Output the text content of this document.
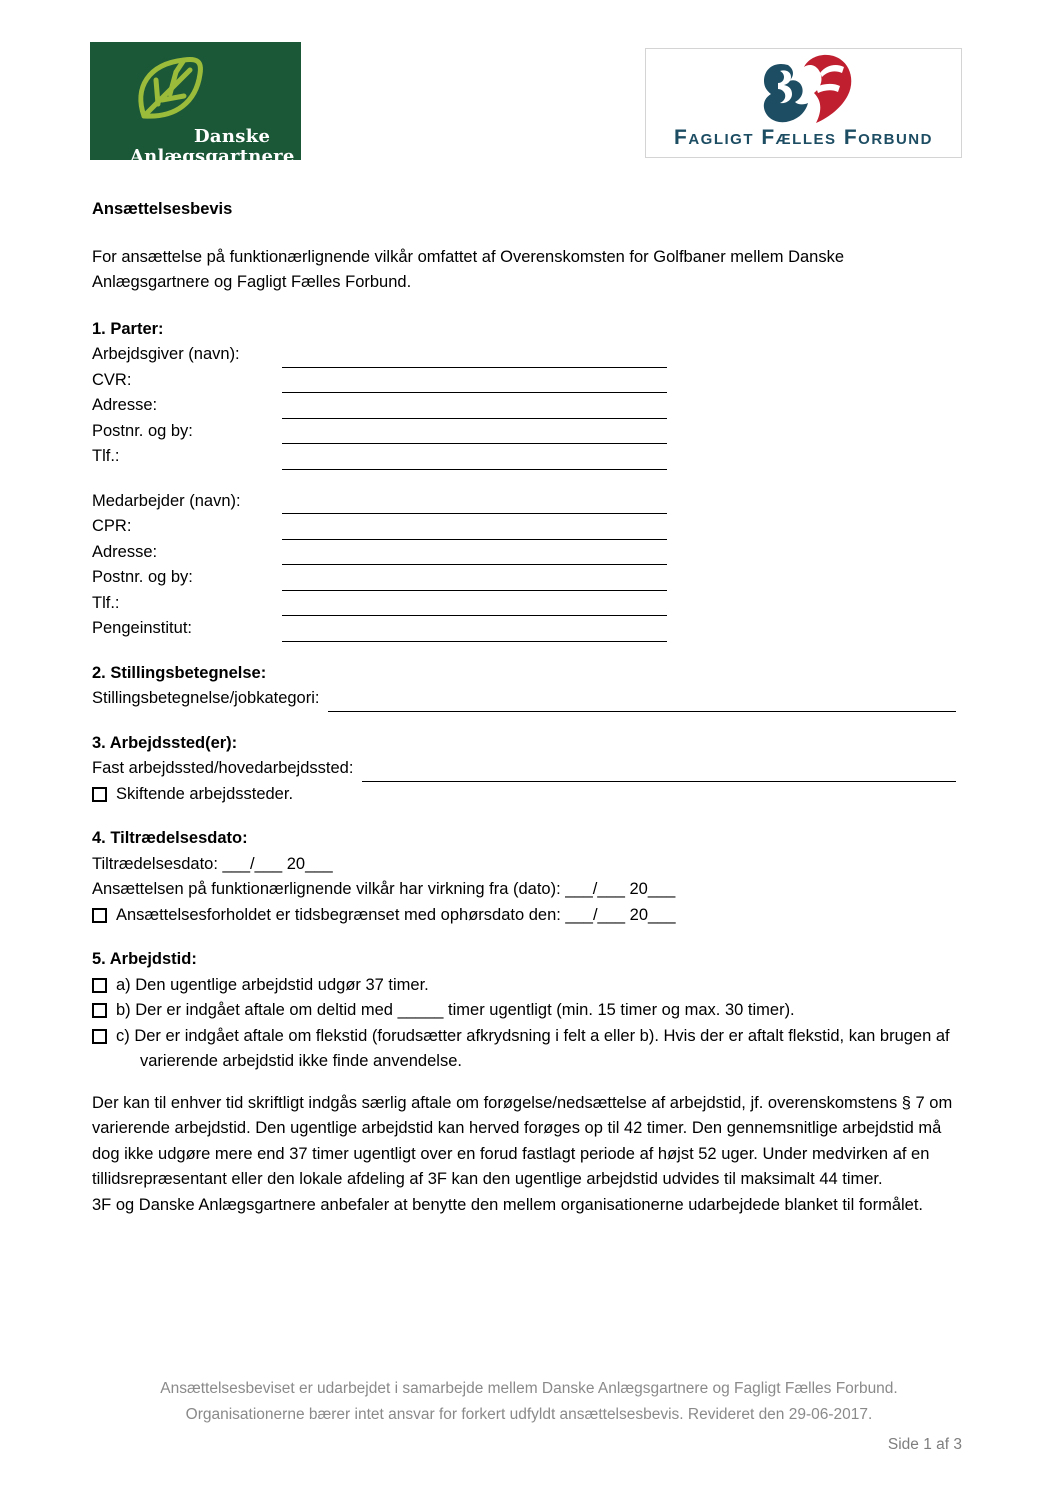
Danske
Anlægsgartnere
Fagligt Fælles Forbund
Ansættelsesbevis

For ansættelse på funktionærlignende vilkår omfattet af Overenskomsten for Golfbaner mellem Danske Anlægsgartnere og Fagligt Fælles Forbund.

1. Parter:
Arbejdsgiver (navn):
CVR:
Adresse:
Postnr. og by:
Tlf.:
Medarbejder (navn):
CPR:
Adresse:
Postnr. og by:
Tlf.:
Pengeinstitut:
2. Stillingsbetegnelse:
Stillingsbetegnelse/jobkategori:
3. Arbejdssted(er):
Fast arbejdssted/hovedarbejdssted:
Skiftende arbejdssteder.
4. Tiltrædelsesdato:
Tiltrædelsesdato: ___/___ 20___
Ansættelsen på funktionærlignende vilkår har virkning fra (dato): ___/___ 20___
Ansættelsesforholdet er tidsbegrænset med ophørsdato den: ___/___ 20___
5. Arbejdstid:
a) Den ugentlige arbejdstid udgør 37 timer.
b) Der er indgået aftale om deltid med _____ timer ugentligt (min. 15 timer og max. 30 timer).
c) Der er indgået aftale om flekstid (forudsætter afkrydsning i felt a eller b). Hvis der er aftalt flekstid, kan brugen af varierende arbejdstid ikke finde anvendelse.

Der kan til enhver tid skriftligt indgås særlig aftale om forøgelse/nedsættelse af arbejdstid, jf. overenskomstens § 7 om varierende arbejdstid. Den ugentlige arbejdstid kan herved forøges op til 42 timer. Den gennemsnitlige arbejdstid må dog ikke udgøre mere end 37 timer ugentligt over en forud fastlagt periode af højst 52 uger. Under medvirken af en tillidsrepræsentant eller den lokale afdeling af 3F kan den ugentlige arbejdstid udvides til maksimalt 44 timer.

3F og Danske Anlægsgartnere anbefaler at benytte den mellem organisationerne udarbejdede blanket til formålet.

Ansættelsesbeviset er udarbejdet i samarbejde mellem Danske Anlægsgartnere og Fagligt Fælles Forbund.
Organisationerne bærer intet ansvar for forkert udfyldt ansættelsesbevis. Revideret den 29-06-2017.
Side 1 af 3
